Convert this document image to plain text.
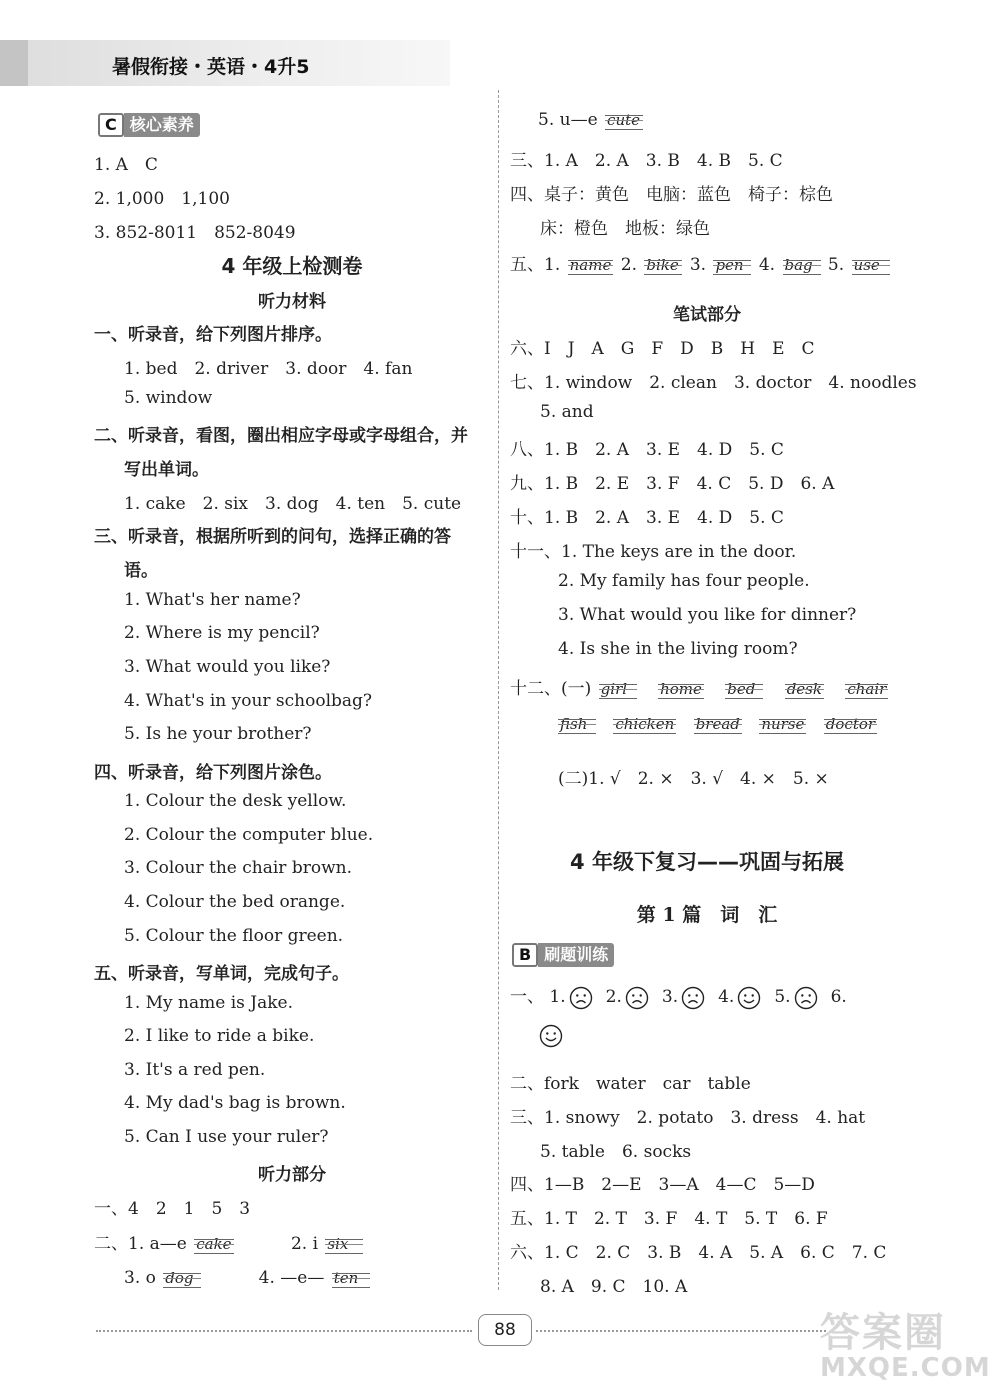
暑假衔接・英语・4升5
C 核心素养
1. A　C
2. 1,000　1,100
3. 852-8011　852-8049
4 年级上检测卷
听力材料
一、听录音，给下列图片排序。
1. bed　2. driver　3. door　4. fan
5. window
二、听录音，看图，圈出相应字母或字母组合，并
写出单词。
1. cake　2. six　3. dog　4. ten　5. cute
三、听录音，根据所听到的问句，选择正确的答
语。
1. What's her name?
2. Where is my pencil?
3. What would you like?
4. What's in your schoolbag?
5. Is he your brother?
四、听录音，给下列图片涂色。
1. Colour the desk yellow.
2. Colour the computer blue.
3. Colour the chair brown.
4. Colour the bed orange.
5. Colour the floor green.
五、听录音，写单词，完成句子。
1. My name is Jake.
2. I like to ride a bike.
3. It's a red pen.
4. My dad's bag is brown.
5. Can I use your ruler?
听力部分
一、4　2　1　5　3
二、1. a—e cake	2. i six
3. o dog	4. —e— ten
5. u—e cute
三、1. A　2. A　3. B　4. B　5. C
四、桌子：黄色　电脑：蓝色　椅子：棕色
床：橙色　地板：绿色
五、1. name 2. bike 3. pen 4. bag 5. use
笔试部分
六、I　J　A　G　F　D　B　H　E　C
七、1. window　2. clean　3. doctor　4. noodles
5. and
八、1. B　2. A　3. E　4. D　5. C
九、1. B　2. E　3. F　4. C　5. D　6. A
十、1. B　2. A　3. E　4. D　5. C
十一、1. The keys are in the door.
2. My family has four people.
3. What would you like for dinner?
4. Is she in the living room?
十二、(一) girl home bed desk chair
fish chicken bread nurse doctor
(二)1. √　2. ×　3. √　4. ×　5. ×
4 年级下复习——巩固与拓展
第 1 篇　词　汇
B 刷题训练
一、 1. 2. 3. 4. 5. 6.
二、fork　water　car　table
三、1. snowy　2. potato　3. dress　4. hat
5. table　6. socks
四、1—B　2—E　3—A　4—C　5—D
五、1. T　2. T　3. F　4. T　5. T　6. F
六、1. C　2. C　3. B　4. A　5. A　6. C　7. C
8. A　9. C　10. A
88	答案圈
MXQE.COM
